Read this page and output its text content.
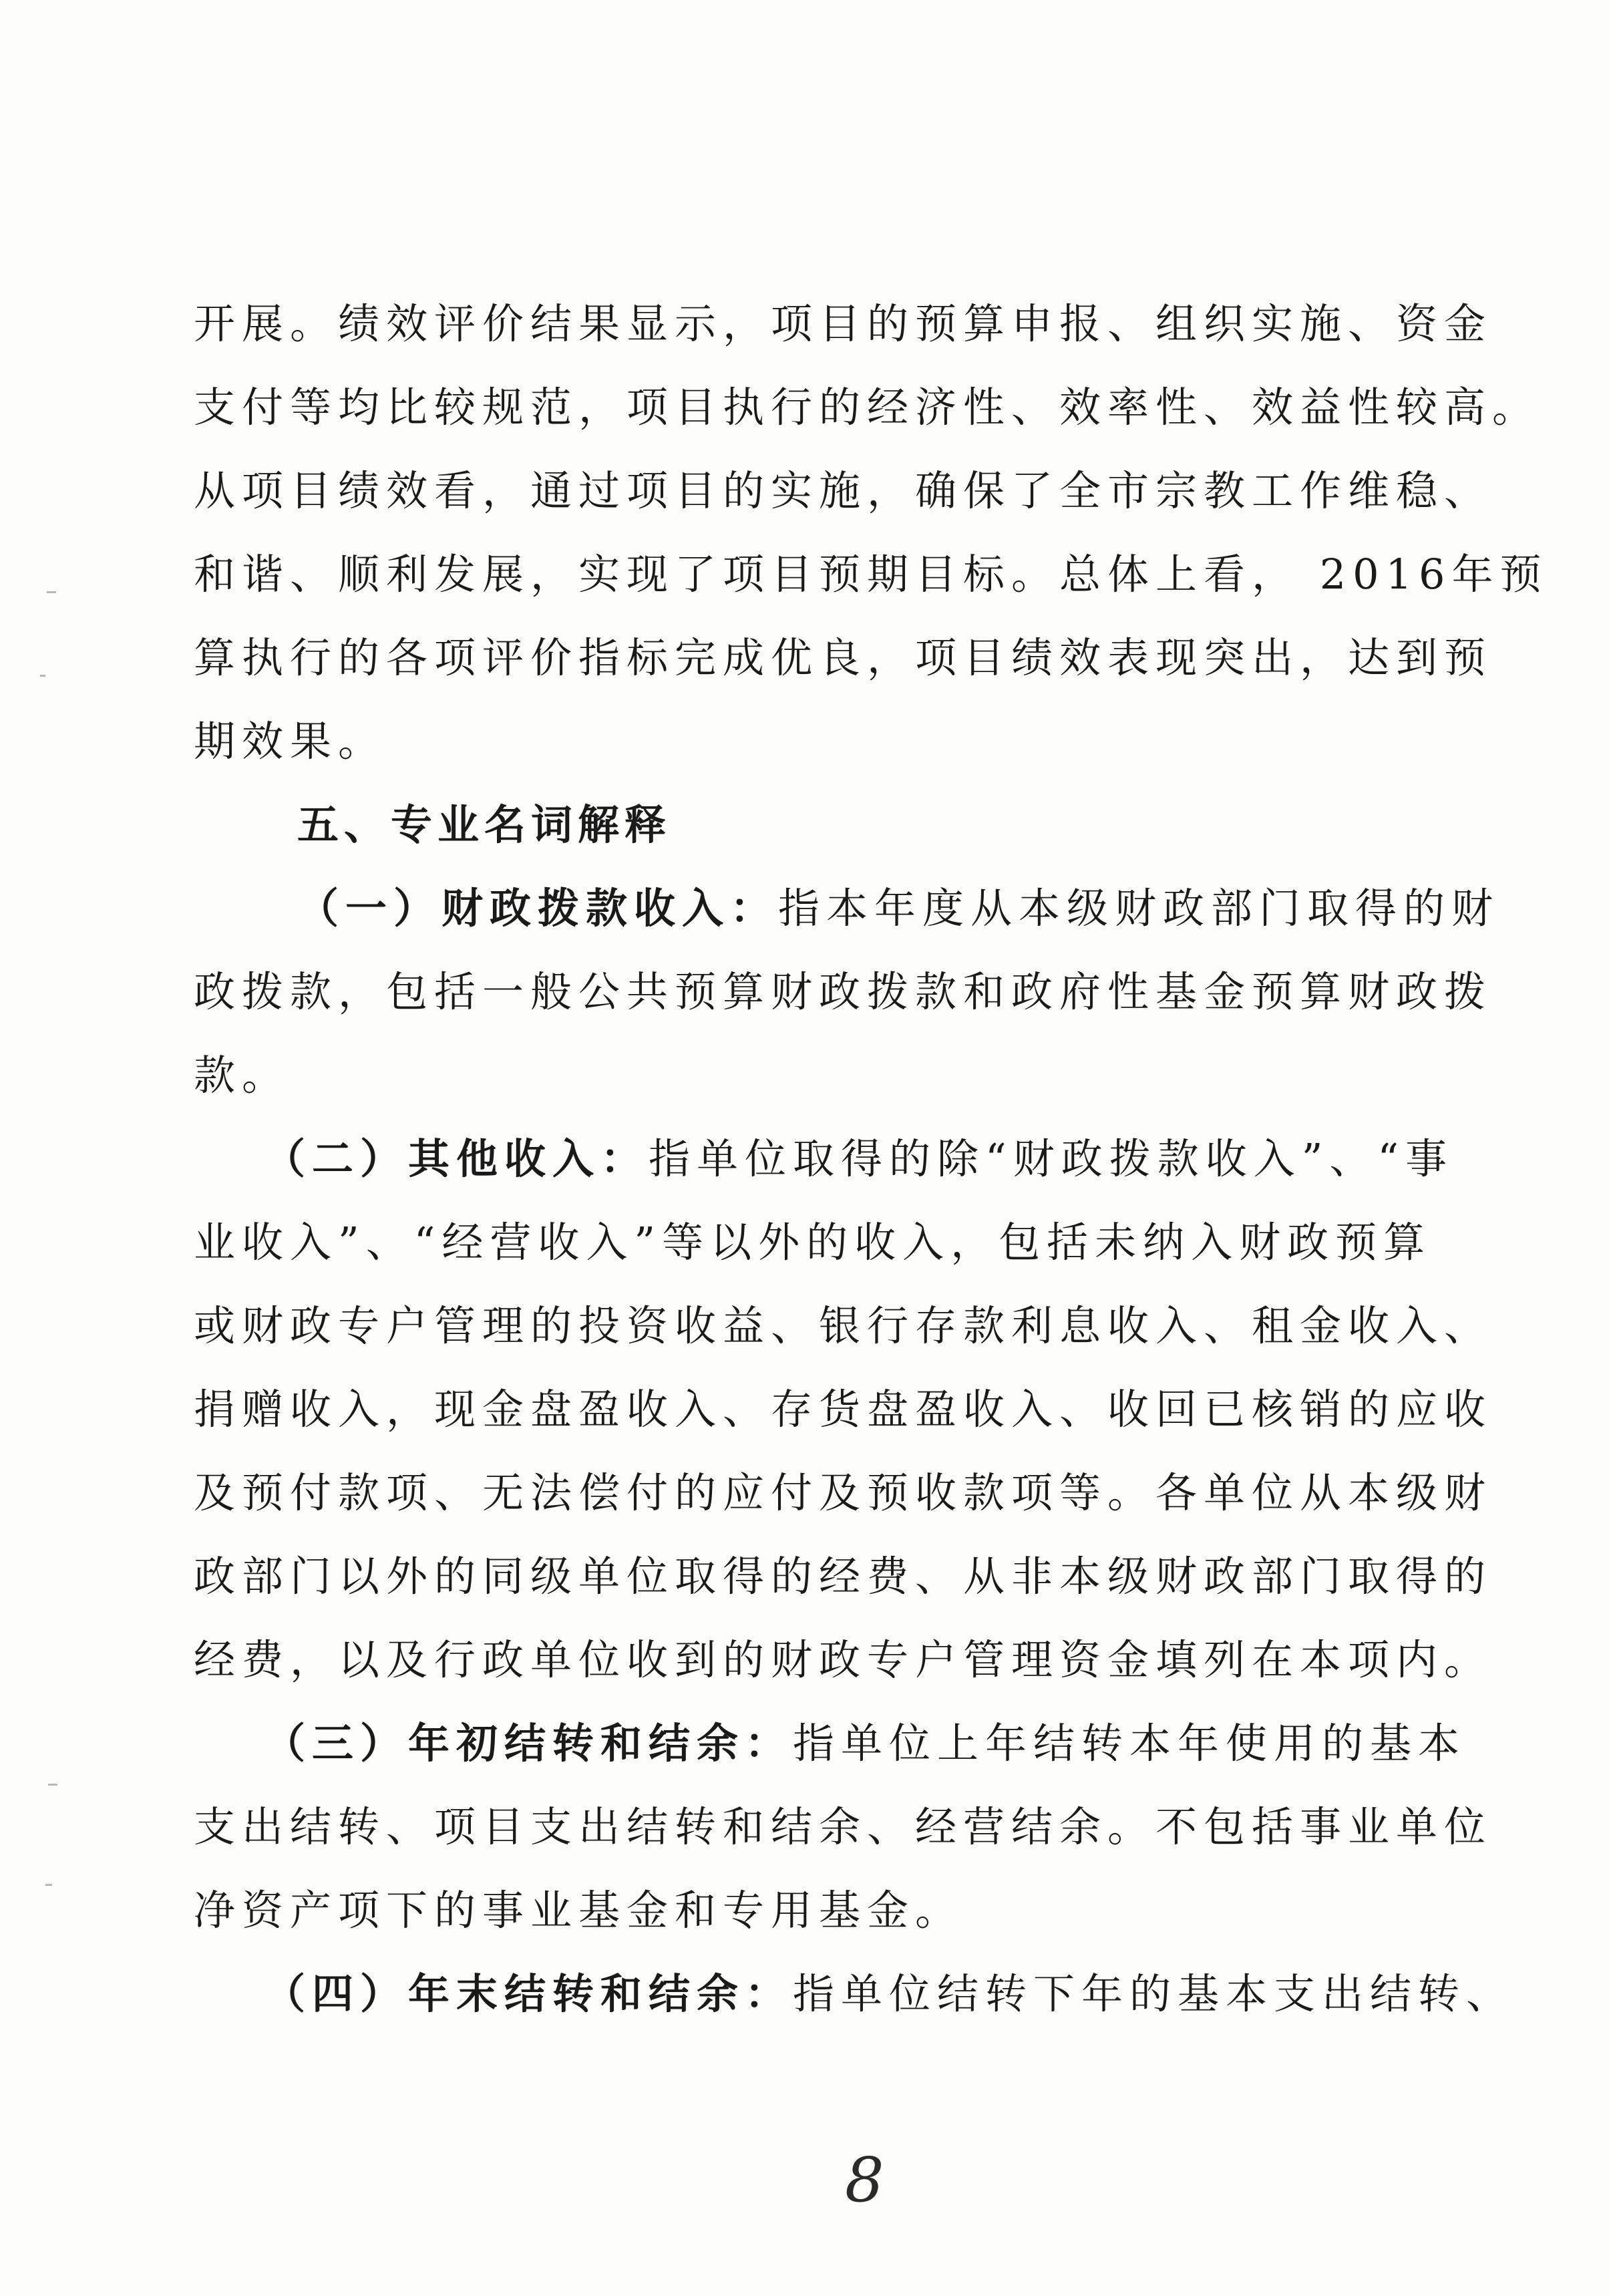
开展。绩效评价结果显示，项目的预算申报、组织实施、资金
支付等均比较规范，项目执行的经济性、效率性、效益性较高。
从项目绩效看，通过项目的实施，确保了全市宗教工作维稳、
和谐、顺利发展，实现了项目预期目标。总体上看， 2016年预
算执行的各项评价指标完成优良，项目绩效表现突出，达到预
期效果。
五、专业名词解释
（一）财政拨款收入：指本年度从本级财政部门取得的财
政拨款，包括一般公共预算财政拨款和政府性基金预算财政拨
款。
（二）其他收入：指单位取得的除“财政拨款收入”、“事
业收入”、“经营收入”等以外的收入，包括未纳入财政预算
或财政专户管理的投资收益、银行存款利息收入、租金收入、
捐赠收入，现金盘盈收入、存货盘盈收入、收回已核销的应收
及预付款项、无法偿付的应付及预收款项等。各单位从本级财
政部门以外的同级单位取得的经费、从非本级财政部门取得的
经费，以及行政单位收到的财政专户管理资金填列在本项内。
（三）年初结转和结余：指单位上年结转本年使用的基本
支出结转、项目支出结转和结余、经营结余。不包括事业单位
净资产项下的事业基金和专用基金。
（四）年末结转和结余：指单位结转下年的基本支出结转、
8
